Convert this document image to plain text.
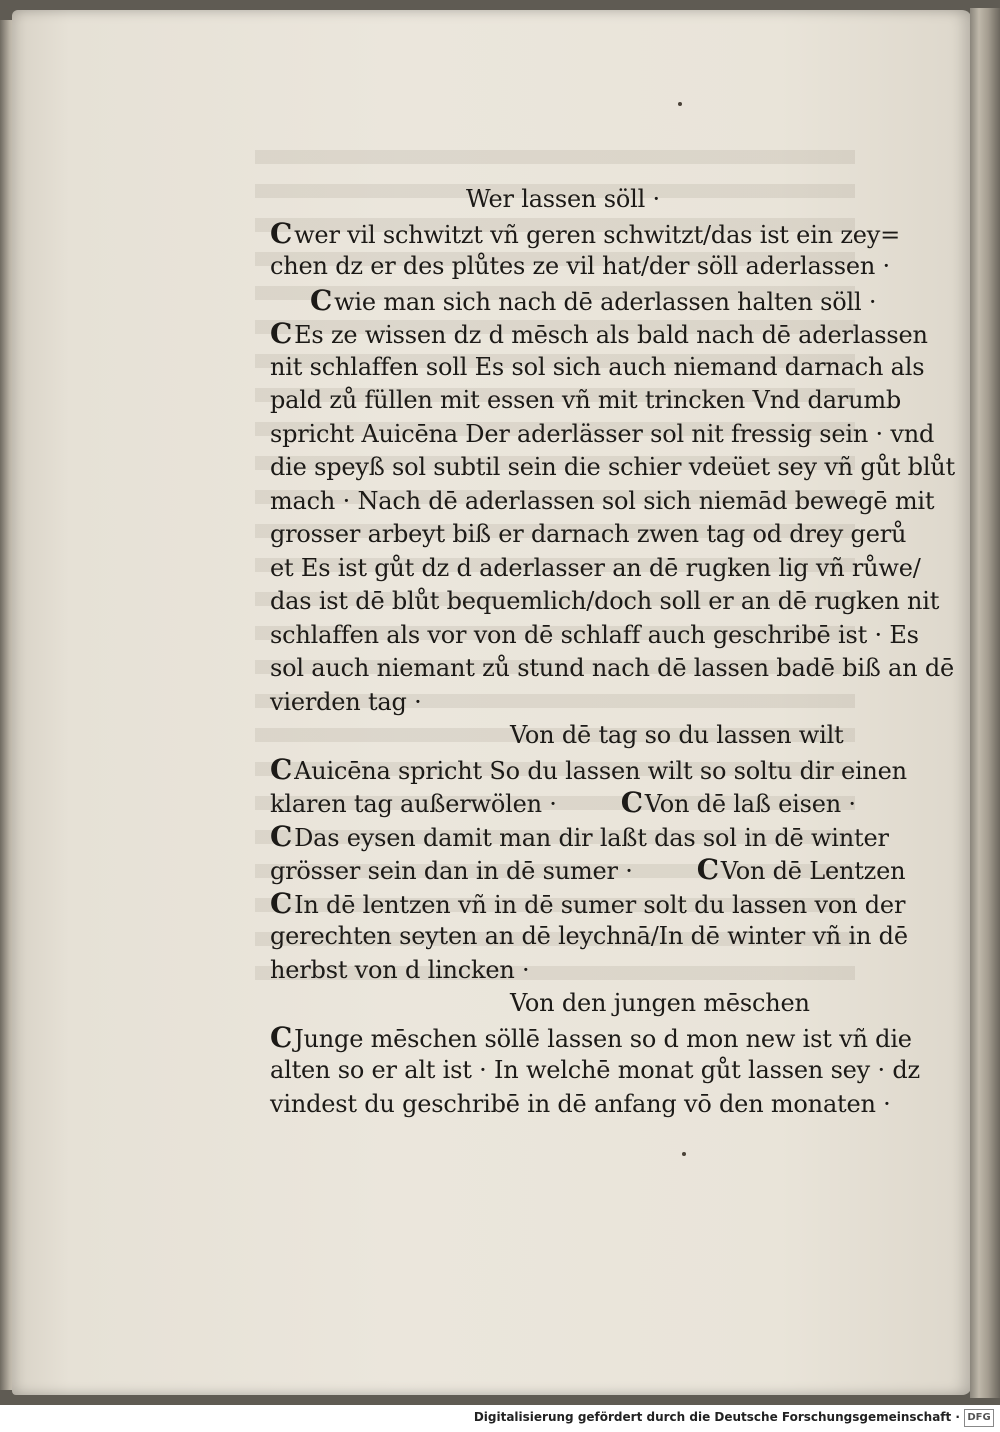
Wer lassen söll ·
Cwer vil schwitzt vñ geren schwitzt/das ist ein zey=
chen dz er des plůtes ze vil hat/der söll aderlassen ·
Cwie man sich nach dē aderlassen halten söll ·
CEs ze wissen dz d mēsch als bald nach dē aderlassen
nit schlaffen soll Es sol sich auch niemand darnach als
pald zů füllen mit essen vñ mit trincken Vnd darumb
spricht Auicēna Der aderlässer sol nit fressig sein · vnd
die speyß sol subtil sein die schier vdeüet sey vñ gůt blůt
mach · Nach dē aderlassen sol sich niemād bewegē mit
grosser arbeyt biß er darnach zwen tag od drey gerů
et Es ist gůt dz d aderlasser an dē rugken lig vñ růwe/
das ist dē blůt bequemlich/doch soll er an dē rugken nit
schlaffen als vor von dē schlaff auch geschribē ist · Es
sol auch niemant zů stund nach dē lassen badē biß an dē
vierden tag ·
Von dē tag so du lassen wilt
CAuicēna spricht So du lassen wilt so soltu dir einen
klaren tag außerwölen · CVon dē laß eisen ·
CDas eysen damit man dir laßt das sol in dē winter
grösser sein dan in dē sumer · CVon dē Lentzen
CIn dē lentzen vñ in dē sumer solt du lassen von der
gerechten seyten an dē leychnā/In dē winter vñ in dē
herbst von d lincken ·
Von den jungen mēschen
CJunge mēschen söllē lassen so d mon new ist vñ die
alten so er alt ist · In welchē monat gůt lassen sey · dz
vindest du geschribē in dē anfang vō den monaten ·
Digitalisierung gefördert durch die Deutsche Forschungsgemeinschaft · DFG
